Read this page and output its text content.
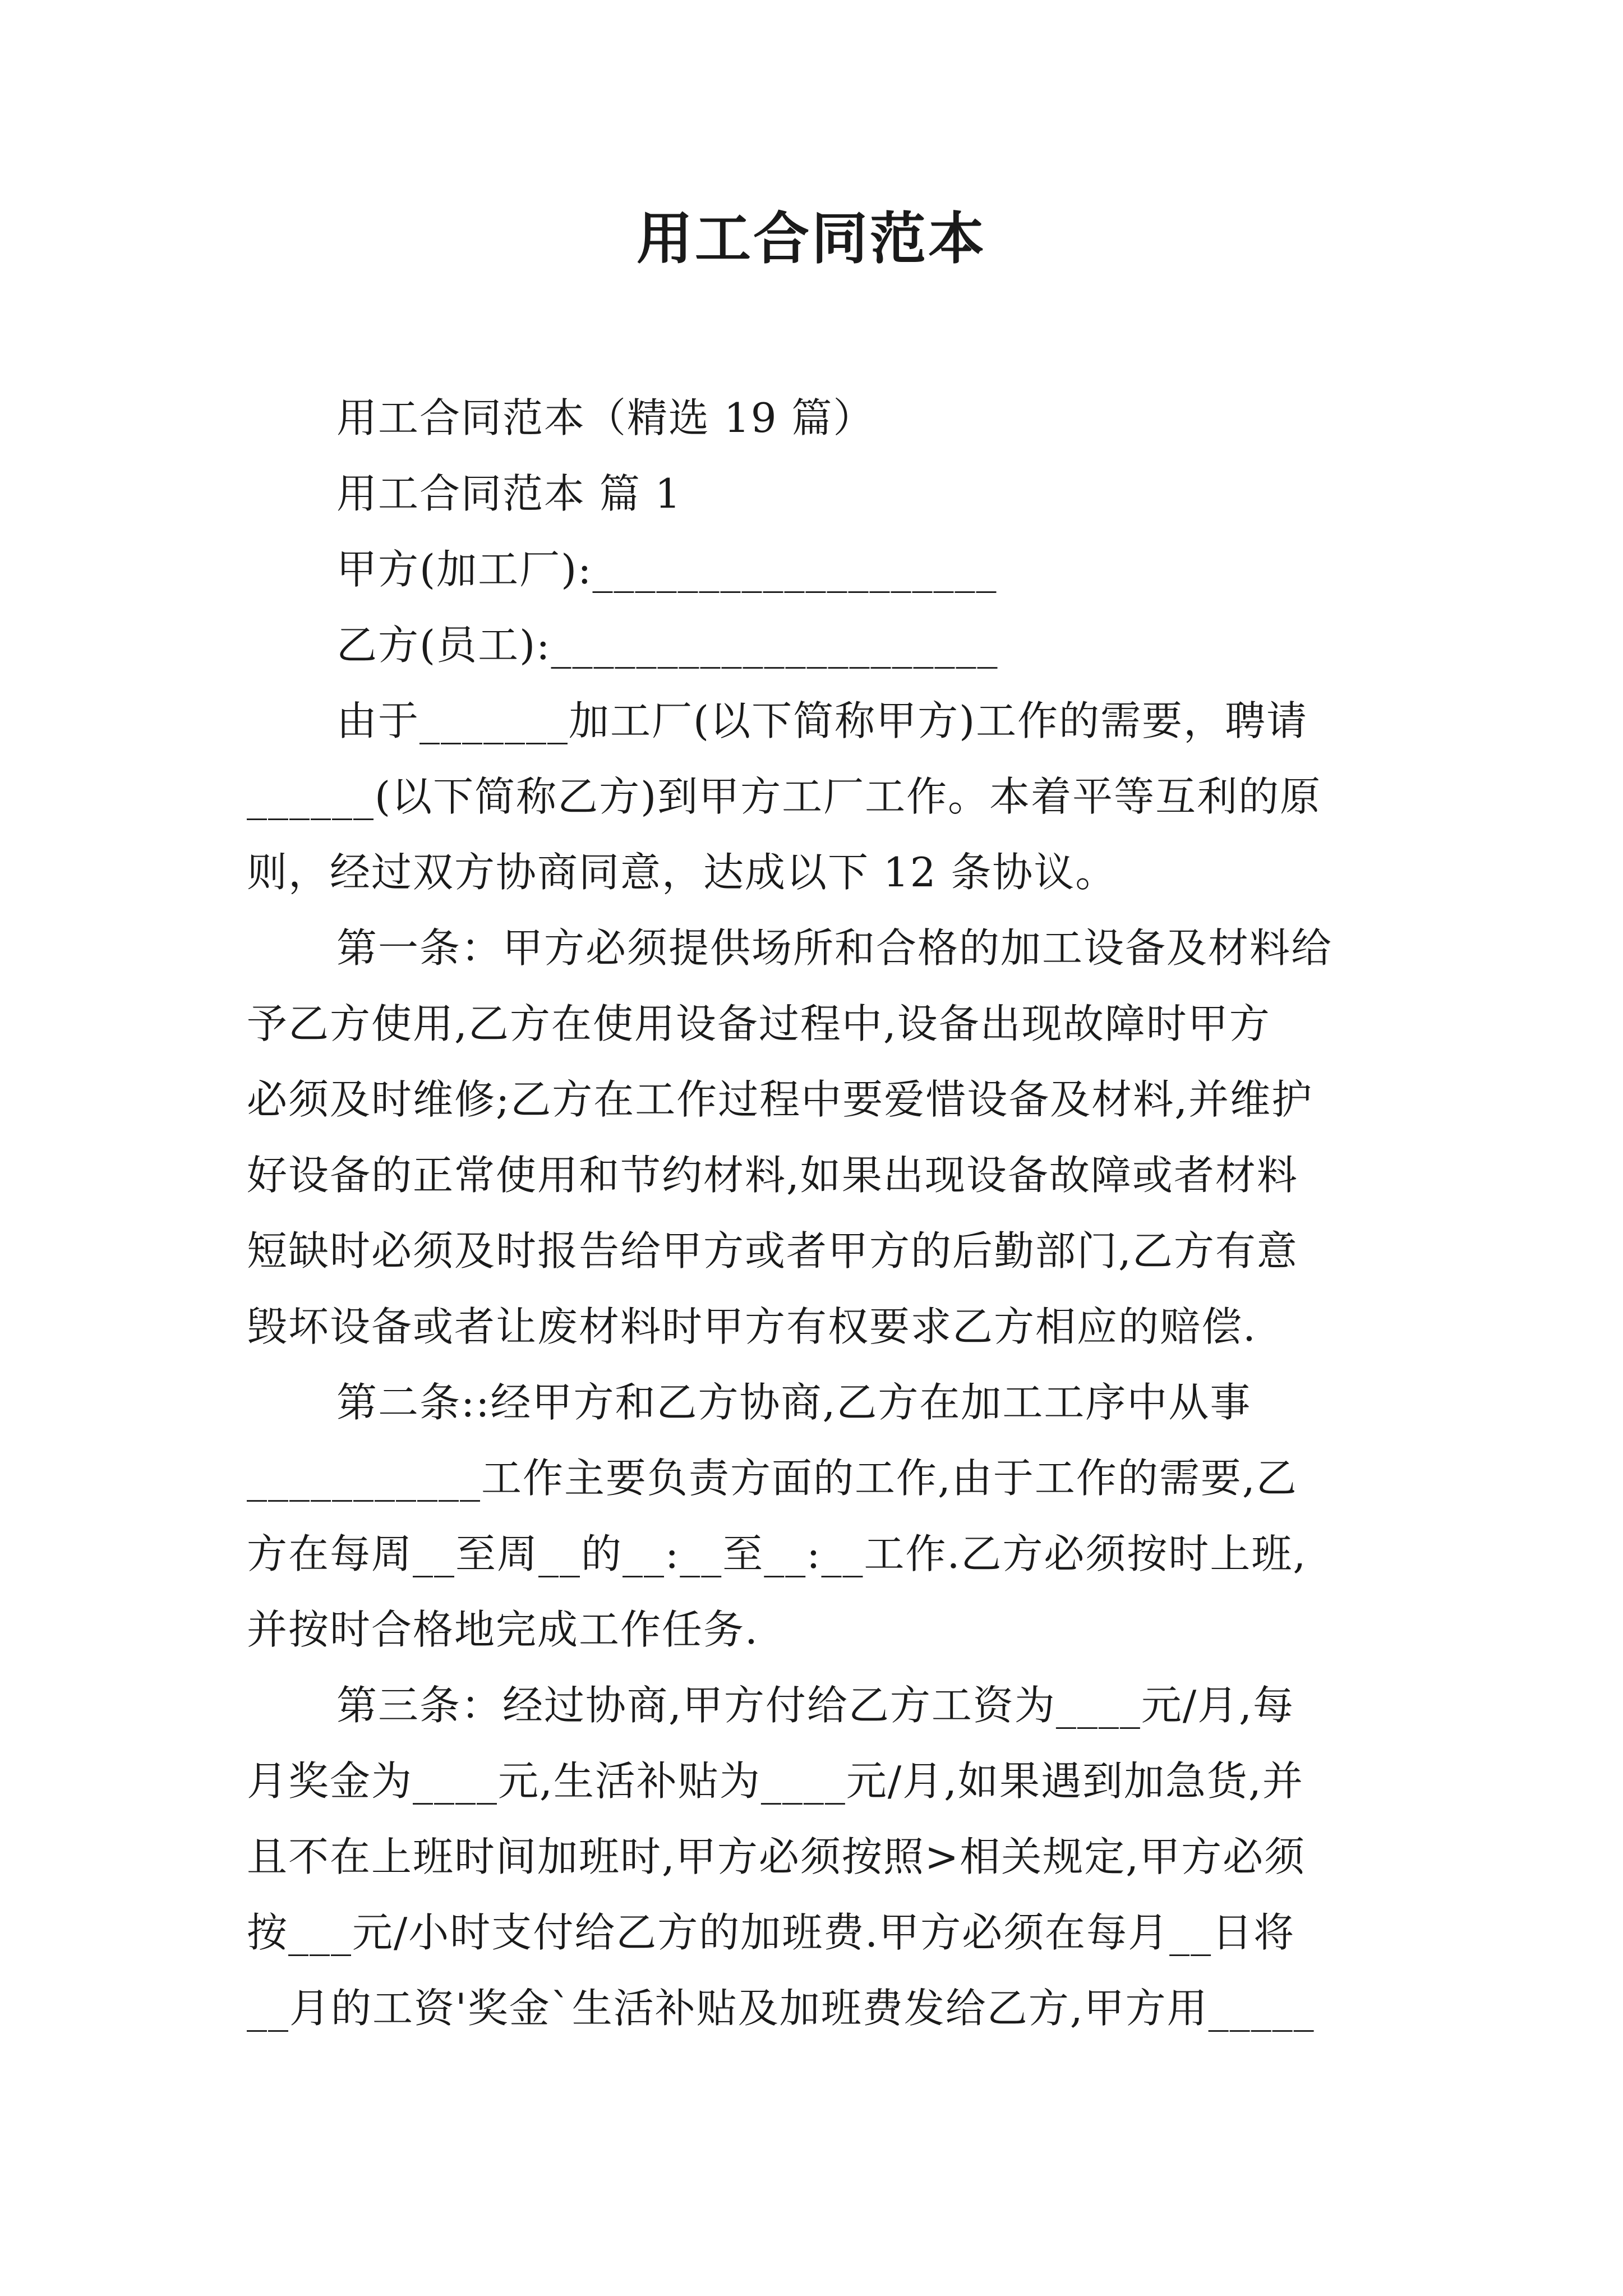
用工合同范本
用工合同范本（精选 19 篇）
用工合同范本 篇 1
甲方(加工厂):___________________
乙方(员工):_____________________
由于_______加工厂(以下简称甲方)工作的需要，聘请
______(以下简称乙方)到甲方工厂工作。本着平等互利的原
则，经过双方协商同意，达成以下 12 条协议。
第一条：甲方必须提供场所和合格的加工设备及材料给
予乙方使用,乙方在使用设备过程中,设备出现故障时甲方
必须及时维修;乙方在工作过程中要爱惜设备及材料,并维护
好设备的正常使用和节约材料,如果出现设备故障或者材料
短缺时必须及时报告给甲方或者甲方的后勤部门,乙方有意
毁坏设备或者让废材料时甲方有权要求乙方相应的赔偿.
第二条::经甲方和乙方协商,乙方在加工工序中从事
___________工作主要负责方面的工作,由于工作的需要,乙
方在每周__至周__的__:__至__:__工作.乙方必须按时上班,
并按时合格地完成工作任务.
第三条：经过协商,甲方付给乙方工资为____元/月,每
月奖金为____元,生活补贴为____元/月,如果遇到加急货,并
且不在上班时间加班时,甲方必须按照>相关规定,甲方必须
按___元/小时支付给乙方的加班费.甲方必须在每月__日将
__月的工资'奖金`生活补贴及加班费发给乙方,甲方用_____
